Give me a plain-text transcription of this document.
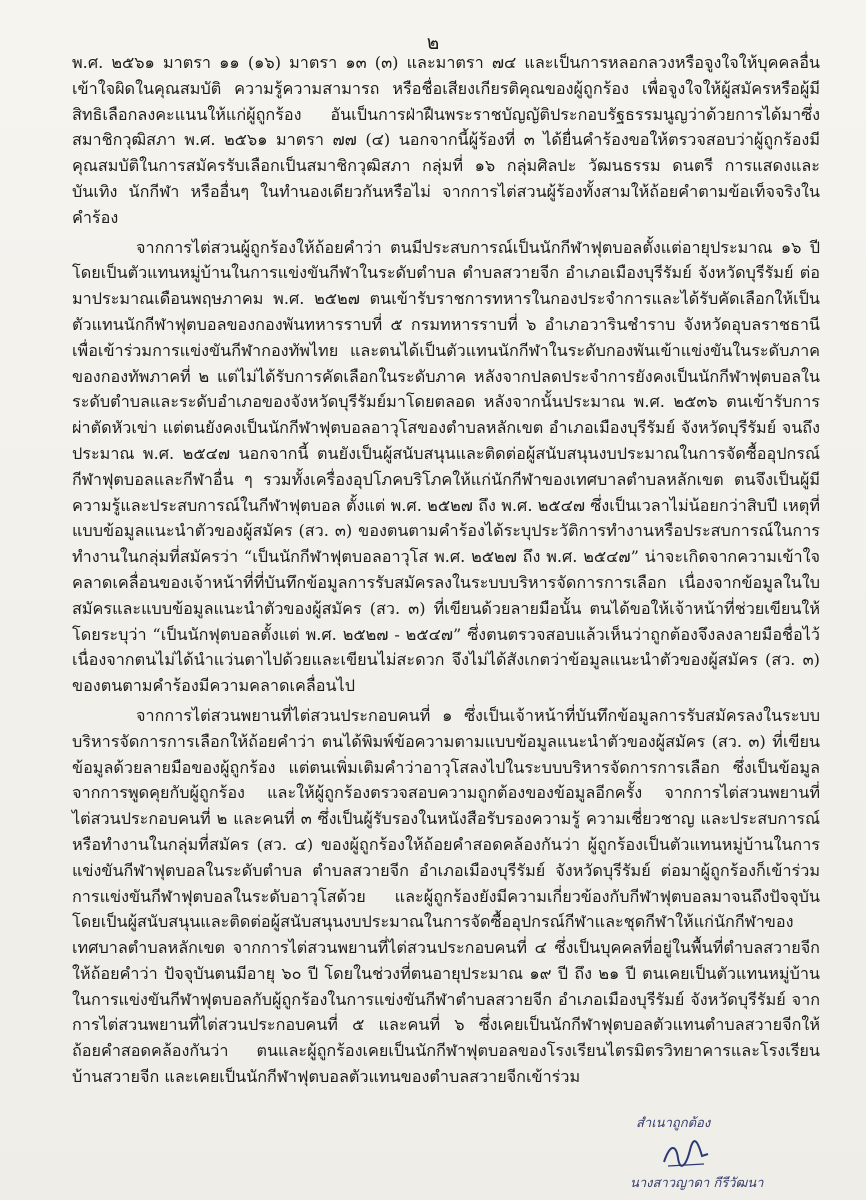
๒

พ.ศ. ๒๕๖๑ มาตรา ๑๑ (๑๖) มาตรา ๑๓ (๓) และมาตรา ๗๔ และเป็นการหลอกลวงหรือจูงใจให้บุคคลอื่นเข้าใจผิดในคุณสมบัติ ความรู้ความสามารถ หรือชื่อเสียงเกียรติคุณของผู้ถูกร้อง เพื่อจูงใจให้ผู้สมัครหรือผู้มีสิทธิเลือกลงคะแนนให้แก่ผู้ถูกร้อง อันเป็นการฝ่าฝืนพระราชบัญญัติประกอบรัฐธรรมนูญว่าด้วยการได้มาซึ่งสมาชิกวุฒิสภา พ.ศ. ๒๕๖๑ มาตรา ๗๗ (๔) นอกจากนี้ผู้ร้องที่ ๓ ได้ยื่นคำร้องขอให้ตรวจสอบว่าผู้ถูกร้องมีคุณสมบัติในการสมัครรับเลือกเป็นสมาชิกวุฒิสภา กลุ่มที่ ๑๖ กลุ่มศิลปะ วัฒนธรรม ดนตรี การแสดงและบันเทิง นักกีฬา หรืออื่นๆ ในทำนองเดียวกันหรือไม่ จากการไต่สวนผู้ร้องทั้งสามให้ถ้อยคำตามข้อเท็จจริงในคำร้อง

จากการไต่สวนผู้ถูกร้องให้ถ้อยคำว่า ตนมีประสบการณ์เป็นนักกีฬาฟุตบอลตั้งแต่อายุประมาณ ๑๖ ปี โดยเป็นตัวแทนหมู่บ้านในการแข่งขันกีฬาในระดับตำบล ตำบลสวายจีก อำเภอเมืองบุรีรัมย์ จังหวัดบุรีรัมย์ ต่อมาประมาณเดือนพฤษภาคม พ.ศ. ๒๕๒๗ ตนเข้ารับราชการทหารในกองประจำการและได้รับคัดเลือกให้เป็นตัวแทนนักกีฬาฟุตบอลของกองพันทหารราบที่ ๕ กรมทหารราบที่ ๖ อำเภอวารินชำราบ จังหวัดอุบลราชธานี เพื่อเข้าร่วมการแข่งขันกีฬากองทัพไทย และตนได้เป็นตัวแทนนักกีฬาในระดับกองพันเข้าแข่งขันในระดับภาคของกองทัพภาคที่ ๒ แต่ไม่ได้รับการคัดเลือกในระดับภาค หลังจากปลดประจำการยังคงเป็นนักกีฬาฟุตบอลในระดับตำบลและระดับอำเภอของจังหวัดบุรีรัมย์มาโดยตลอด หลังจากนั้นประมาณ พ.ศ. ๒๕๓๖ ตนเข้ารับการผ่าตัดหัวเข่า แต่ตนยังคงเป็นนักกีฬาฟุตบอลอาวุโสของตำบลหลักเขต อำเภอเมืองบุรีรัมย์ จังหวัดบุรีรัมย์ จนถึงประมาณ พ.ศ. ๒๕๔๗ นอกจากนี้ ตนยังเป็นผู้สนับสนุนและติดต่อผู้สนับสนุนงบประมาณในการจัดซื้ออุปกรณ์กีฬาฟุตบอลและกีฬาอื่น ๆ รวมทั้งเครื่องอุปโภคบริโภคให้แก่นักกีฬาของเทศบาลตำบลหลักเขต ตนจึงเป็นผู้มีความรู้และประสบการณ์ในกีฬาฟุตบอล ตั้งแต่ พ.ศ. ๒๕๒๗ ถึง พ.ศ. ๒๕๔๗ ซึ่งเป็นเวลาไม่น้อยกว่าสิบปี เหตุที่แบบข้อมูลแนะนำตัวของผู้สมัคร (สว. ๓) ของตนตามคำร้องได้ระบุประวัติการทำงานหรือประสบการณ์ในการทำงานในกลุ่มที่สมัครว่า “เป็นนักกีฬาฟุตบอลอาวุโส พ.ศ. ๒๕๒๗ ถึง พ.ศ. ๒๕๔๗” น่าจะเกิดจากความเข้าใจคลาดเคลื่อนของเจ้าหน้าที่ที่บันทึกข้อมูลการรับสมัครลงในระบบบริหารจัดการการเลือก เนื่องจากข้อมูลในใบสมัครและแบบข้อมูลแนะนำตัวของผู้สมัคร (สว. ๓) ที่เขียนด้วยลายมือนั้น ตนได้ขอให้เจ้าหน้าที่ช่วยเขียนให้ โดยระบุว่า “เป็นนักฟุตบอลตั้งแต่ พ.ศ. ๒๕๒๗ - ๒๕๔๗” ซึ่งตนตรวจสอบแล้วเห็นว่าถูกต้องจึงลงลายมือชื่อไว้ เนื่องจากตนไม่ได้นำแว่นตาไปด้วยและเขียนไม่สะดวก จึงไม่ได้สังเกตว่าข้อมูลแนะนำตัวของผู้สมัคร (สว. ๓) ของตนตามคำร้องมีความคลาดเคลื่อนไป

จากการไต่สวนพยานที่ไต่สวนประกอบคนที่ ๑ ซึ่งเป็นเจ้าหน้าที่บันทึกข้อมูลการรับสมัครลงในระบบบริหารจัดการการเลือกให้ถ้อยคำว่า ตนได้พิมพ์ข้อความตามแบบข้อมูลแนะนำตัวของผู้สมัคร (สว. ๓) ที่เขียนข้อมูลด้วยลายมือของผู้ถูกร้อง แต่ตนเพิ่มเติมคำว่าอาวุโสลงไปในระบบบริหารจัดการการเลือก ซึ่งเป็นข้อมูลจากการพูดคุยกับผู้ถูกร้อง และให้ผู้ถูกร้องตรวจสอบความถูกต้องของข้อมูลอีกครั้ง จากการไต่สวนพยานที่ไต่สวนประกอบคนที่ ๒ และคนที่ ๓ ซึ่งเป็นผู้รับรองในหนังสือรับรองความรู้ ความเชี่ยวชาญ และประสบการณ์หรือทำงานในกลุ่มที่สมัคร (สว. ๔) ของผู้ถูกร้องให้ถ้อยคำสอดคล้องกันว่า ผู้ถูกร้องเป็นตัวแทนหมู่บ้านในการแข่งขันกีฬาฟุตบอลในระดับตำบล ตำบลสวายจีก อำเภอเมืองบุรีรัมย์ จังหวัดบุรีรัมย์ ต่อมาผู้ถูกร้องก็เข้าร่วมการแข่งขันกีฬาฟุตบอลในระดับอาวุโสด้วย และผู้ถูกร้องยังมีความเกี่ยวข้องกับกีฬาฟุตบอลมาจนถึงปัจจุบัน โดยเป็นผู้สนับสนุนและติดต่อผู้สนับสนุนงบประมาณในการจัดซื้ออุปกรณ์กีฬาและชุดกีฬาให้แก่นักกีฬาของเทศบาลตำบลหลักเขต จากการไต่สวนพยานที่ไต่สวนประกอบคนที่ ๔ ซึ่งเป็นบุคคลที่อยู่ในพื้นที่ตำบลสวายจีกให้ถ้อยคำว่า ปัจจุบันตนมีอายุ ๖๐ ปี โดยในช่วงที่ตนอายุประมาณ ๑๙ ปี ถึง ๒๑ ปี ตนเคยเป็นตัวแทนหมู่บ้านในการแข่งขันกีฬาฟุตบอลกับผู้ถูกร้องในการแข่งขันกีฬาตำบลสวายจีก อำเภอเมืองบุรีรัมย์ จังหวัดบุรีรัมย์ จากการไต่สวนพยานที่ไต่สวนประกอบคนที่ ๕ และคนที่ ๖ ซึ่งเคยเป็นนักกีฬาฟุตบอลตัวแทนตำบลสวายจีกให้ถ้อยคำสอดคล้องกันว่า ตนและผู้ถูกร้องเคยเป็นนักกีฬาฟุตบอลของโรงเรียนไตรมิตรวิทยาคารและโรงเรียนบ้านสวายจีก และเคยเป็นนักกีฬาฟุตบอลตัวแทนของตำบลสวายจีกเข้าร่วม

สำเนาถูกต้อง
นางสาวญาดา กีรีวัฒนา
